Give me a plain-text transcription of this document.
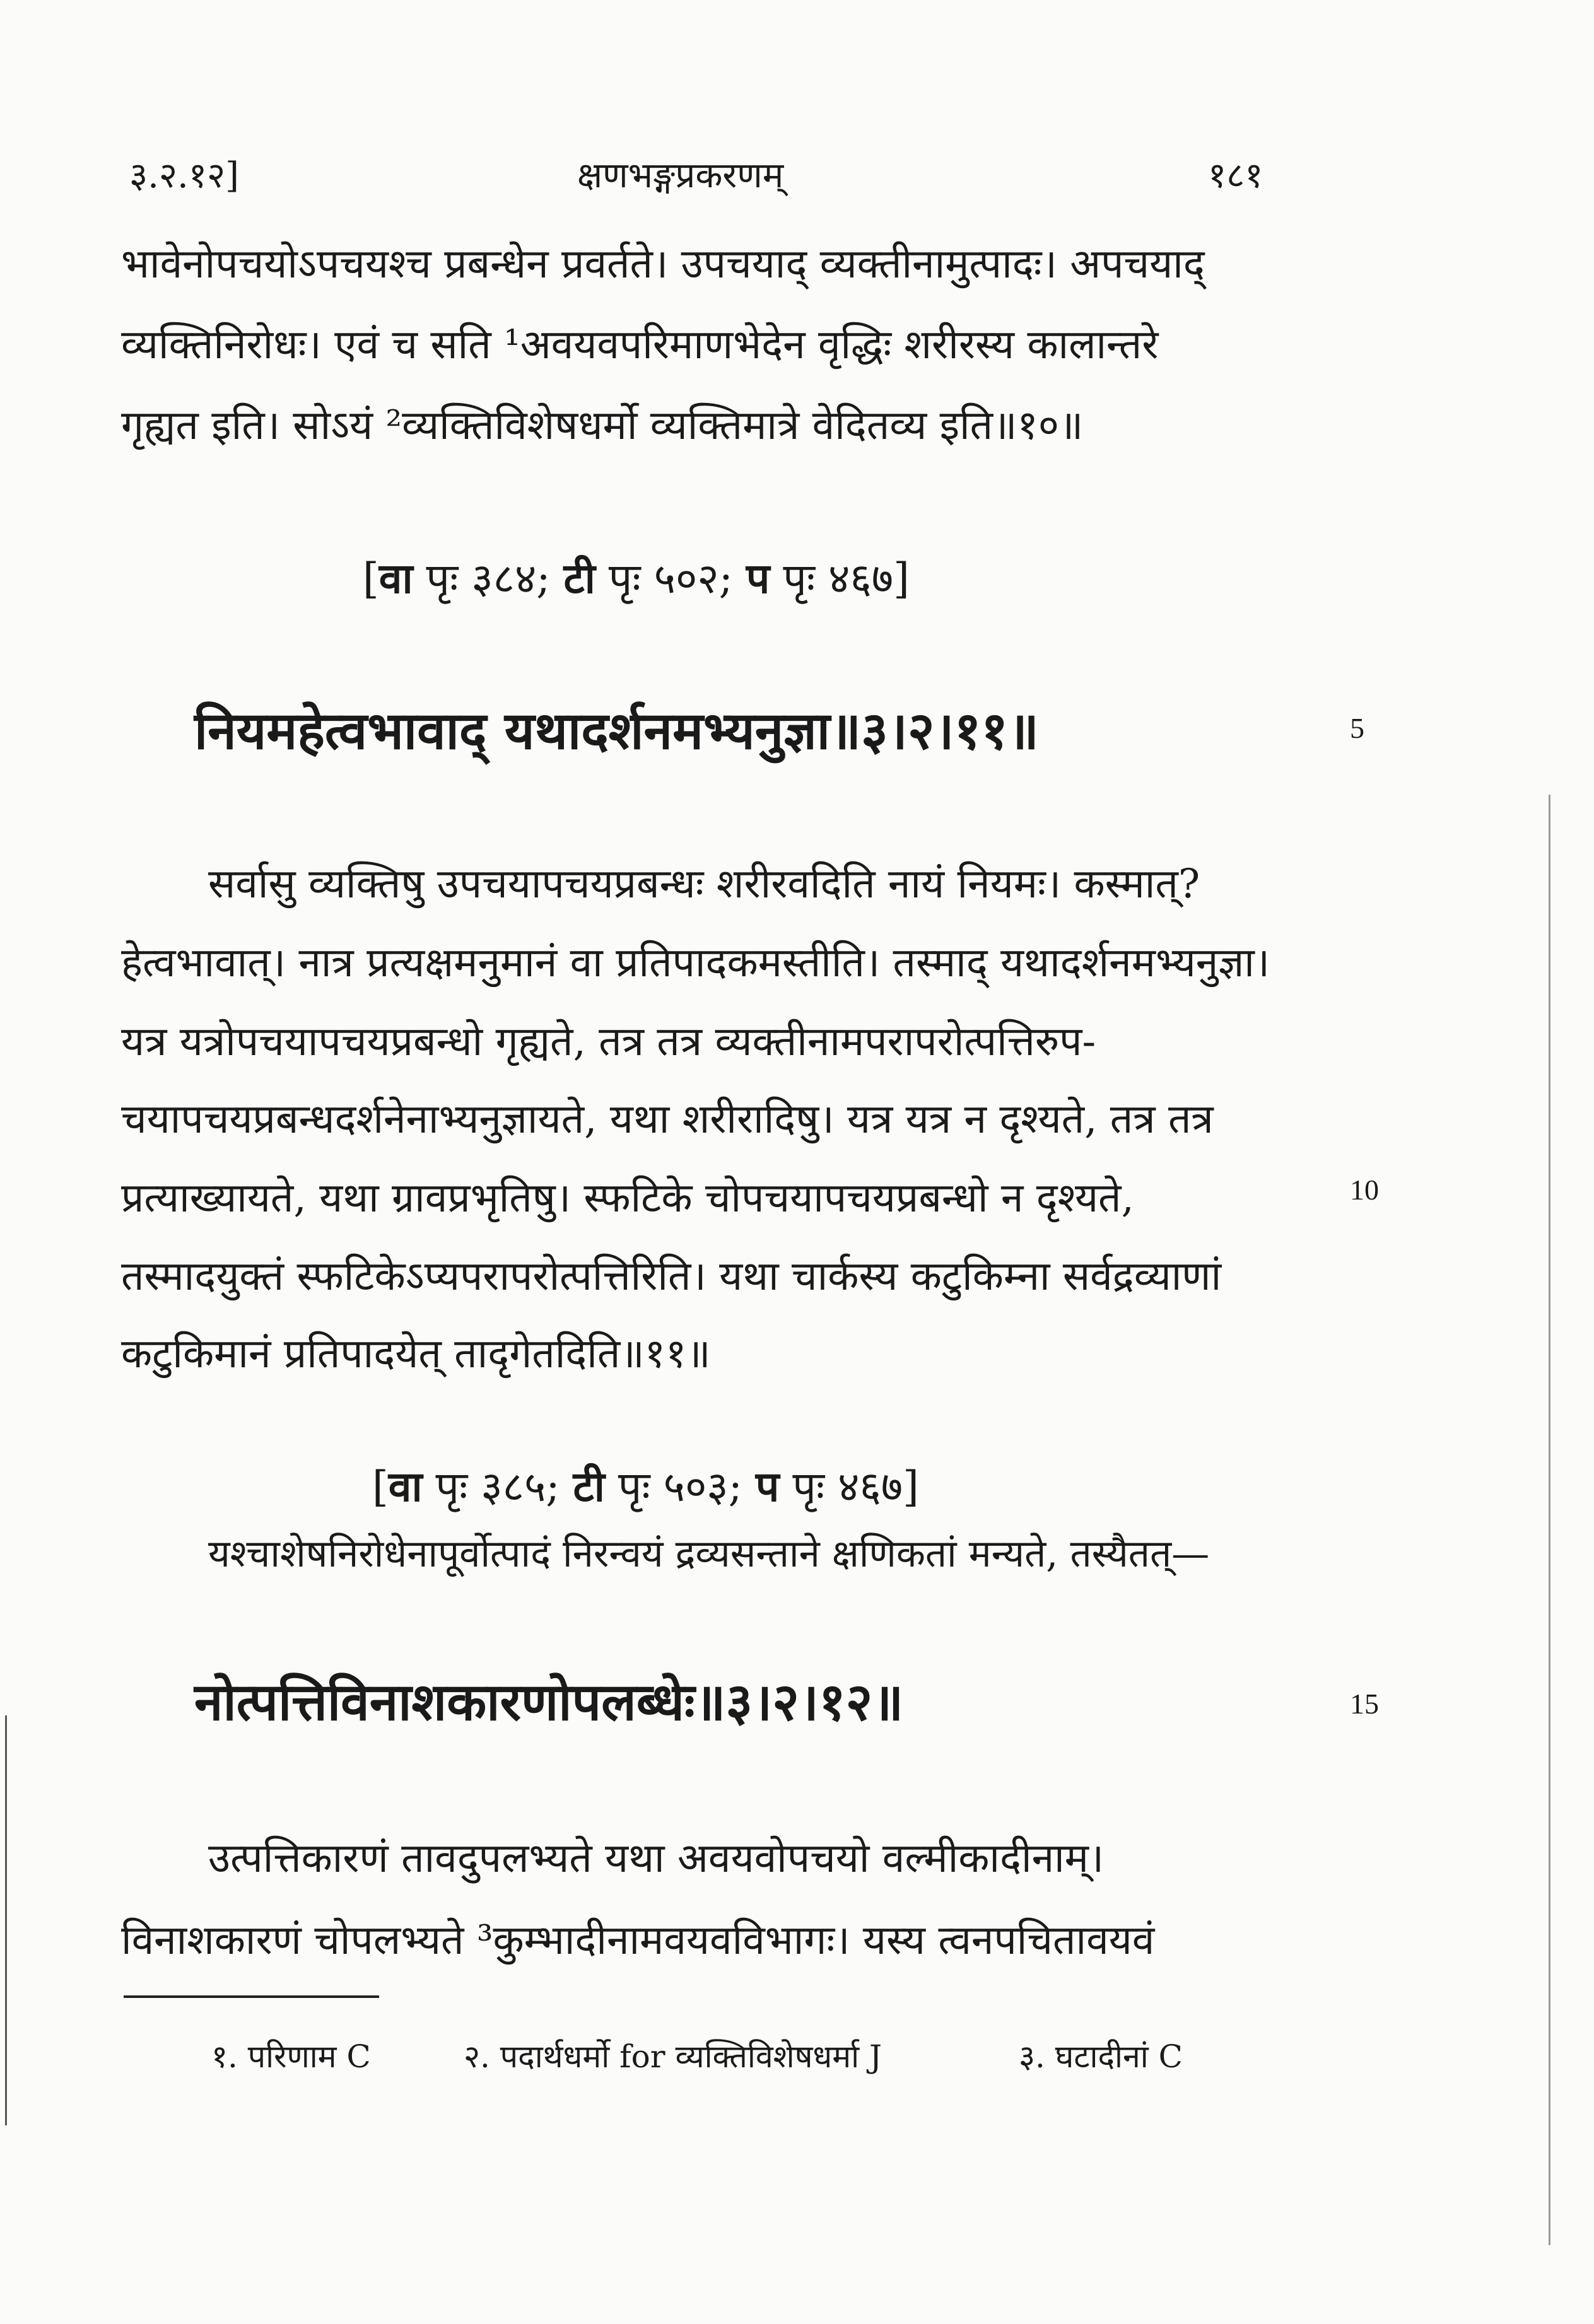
३.२.१२]	क्षणभङ्गप्रकरणम्	१८१
भावेनोपचयोऽपचयश्च प्रबन्धेन प्रवर्तते। उपचयाद् व्यक्तीनामुत्पादः। अपचयाद्
व्यक्तिनिरोधः। एवं च सति ¹अवयवपरिमाणभेदेन वृद्धिः शरीरस्य कालान्तरे
गृह्यत इति। सोऽयं ²व्यक्तिविशेषधर्मो व्यक्तिमात्रे वेदितव्य इति॥१०॥
[वा पृः ३८४; टी पृः ५०२; प पृः ४६७]
नियमहेत्वभावाद् यथादर्शनमभ्यनुज्ञा॥३।२।११॥	5
सर्वासु व्यक्तिषु उपचयापचयप्रबन्धः शरीरवदिति नायं नियमः। कस्मात्?
हेत्वभावात्। नात्र प्रत्यक्षमनुमानं वा प्रतिपादकमस्तीति। तस्माद् यथादर्शनमभ्यनुज्ञा।
यत्र यत्रोपचयापचयप्रबन्धो गृह्यते, तत्र तत्र व्यक्तीनामपरापरोत्पत्तिरुप-
चयापचयप्रबन्धदर्शनेनाभ्यनुज्ञायते, यथा शरीरादिषु। यत्र यत्र न दृश्यते, तत्र तत्र
प्रत्याख्यायते, यथा ग्रावप्रभृतिषु। स्फटिके चोपचयापचयप्रबन्धो न दृश्यते,	10
तस्मादयुक्तं स्फटिकेऽप्यपरापरोत्पत्तिरिति। यथा चार्कस्य कटुकिम्ना सर्वद्रव्याणां
कटुकिमानं प्रतिपादयेत् तादृगेतदिति॥११॥
[वा पृः ३८५; टी पृः ५०३; प पृः ४६७]
यश्चाशेषनिरोधेनापूर्वोत्पादं निरन्वयं द्रव्यसन्ताने क्षणिकतां मन्यते, तस्यैतत्—
नोत्पत्तिविनाशकारणोपलब्धेः॥३।२।१२॥	15
उत्पत्तिकारणं तावदुपलभ्यते यथा अवयवोपचयो वल्मीकादीनाम्।
विनाशकारणं चोपलभ्यते ³कुम्भादीनामवयवविभागः। यस्य त्वनपचितावयवं
१. परिणाम C	२. पदार्थधर्मो for व्यक्तिविशेषधर्मा J	३. घटादीनां C
